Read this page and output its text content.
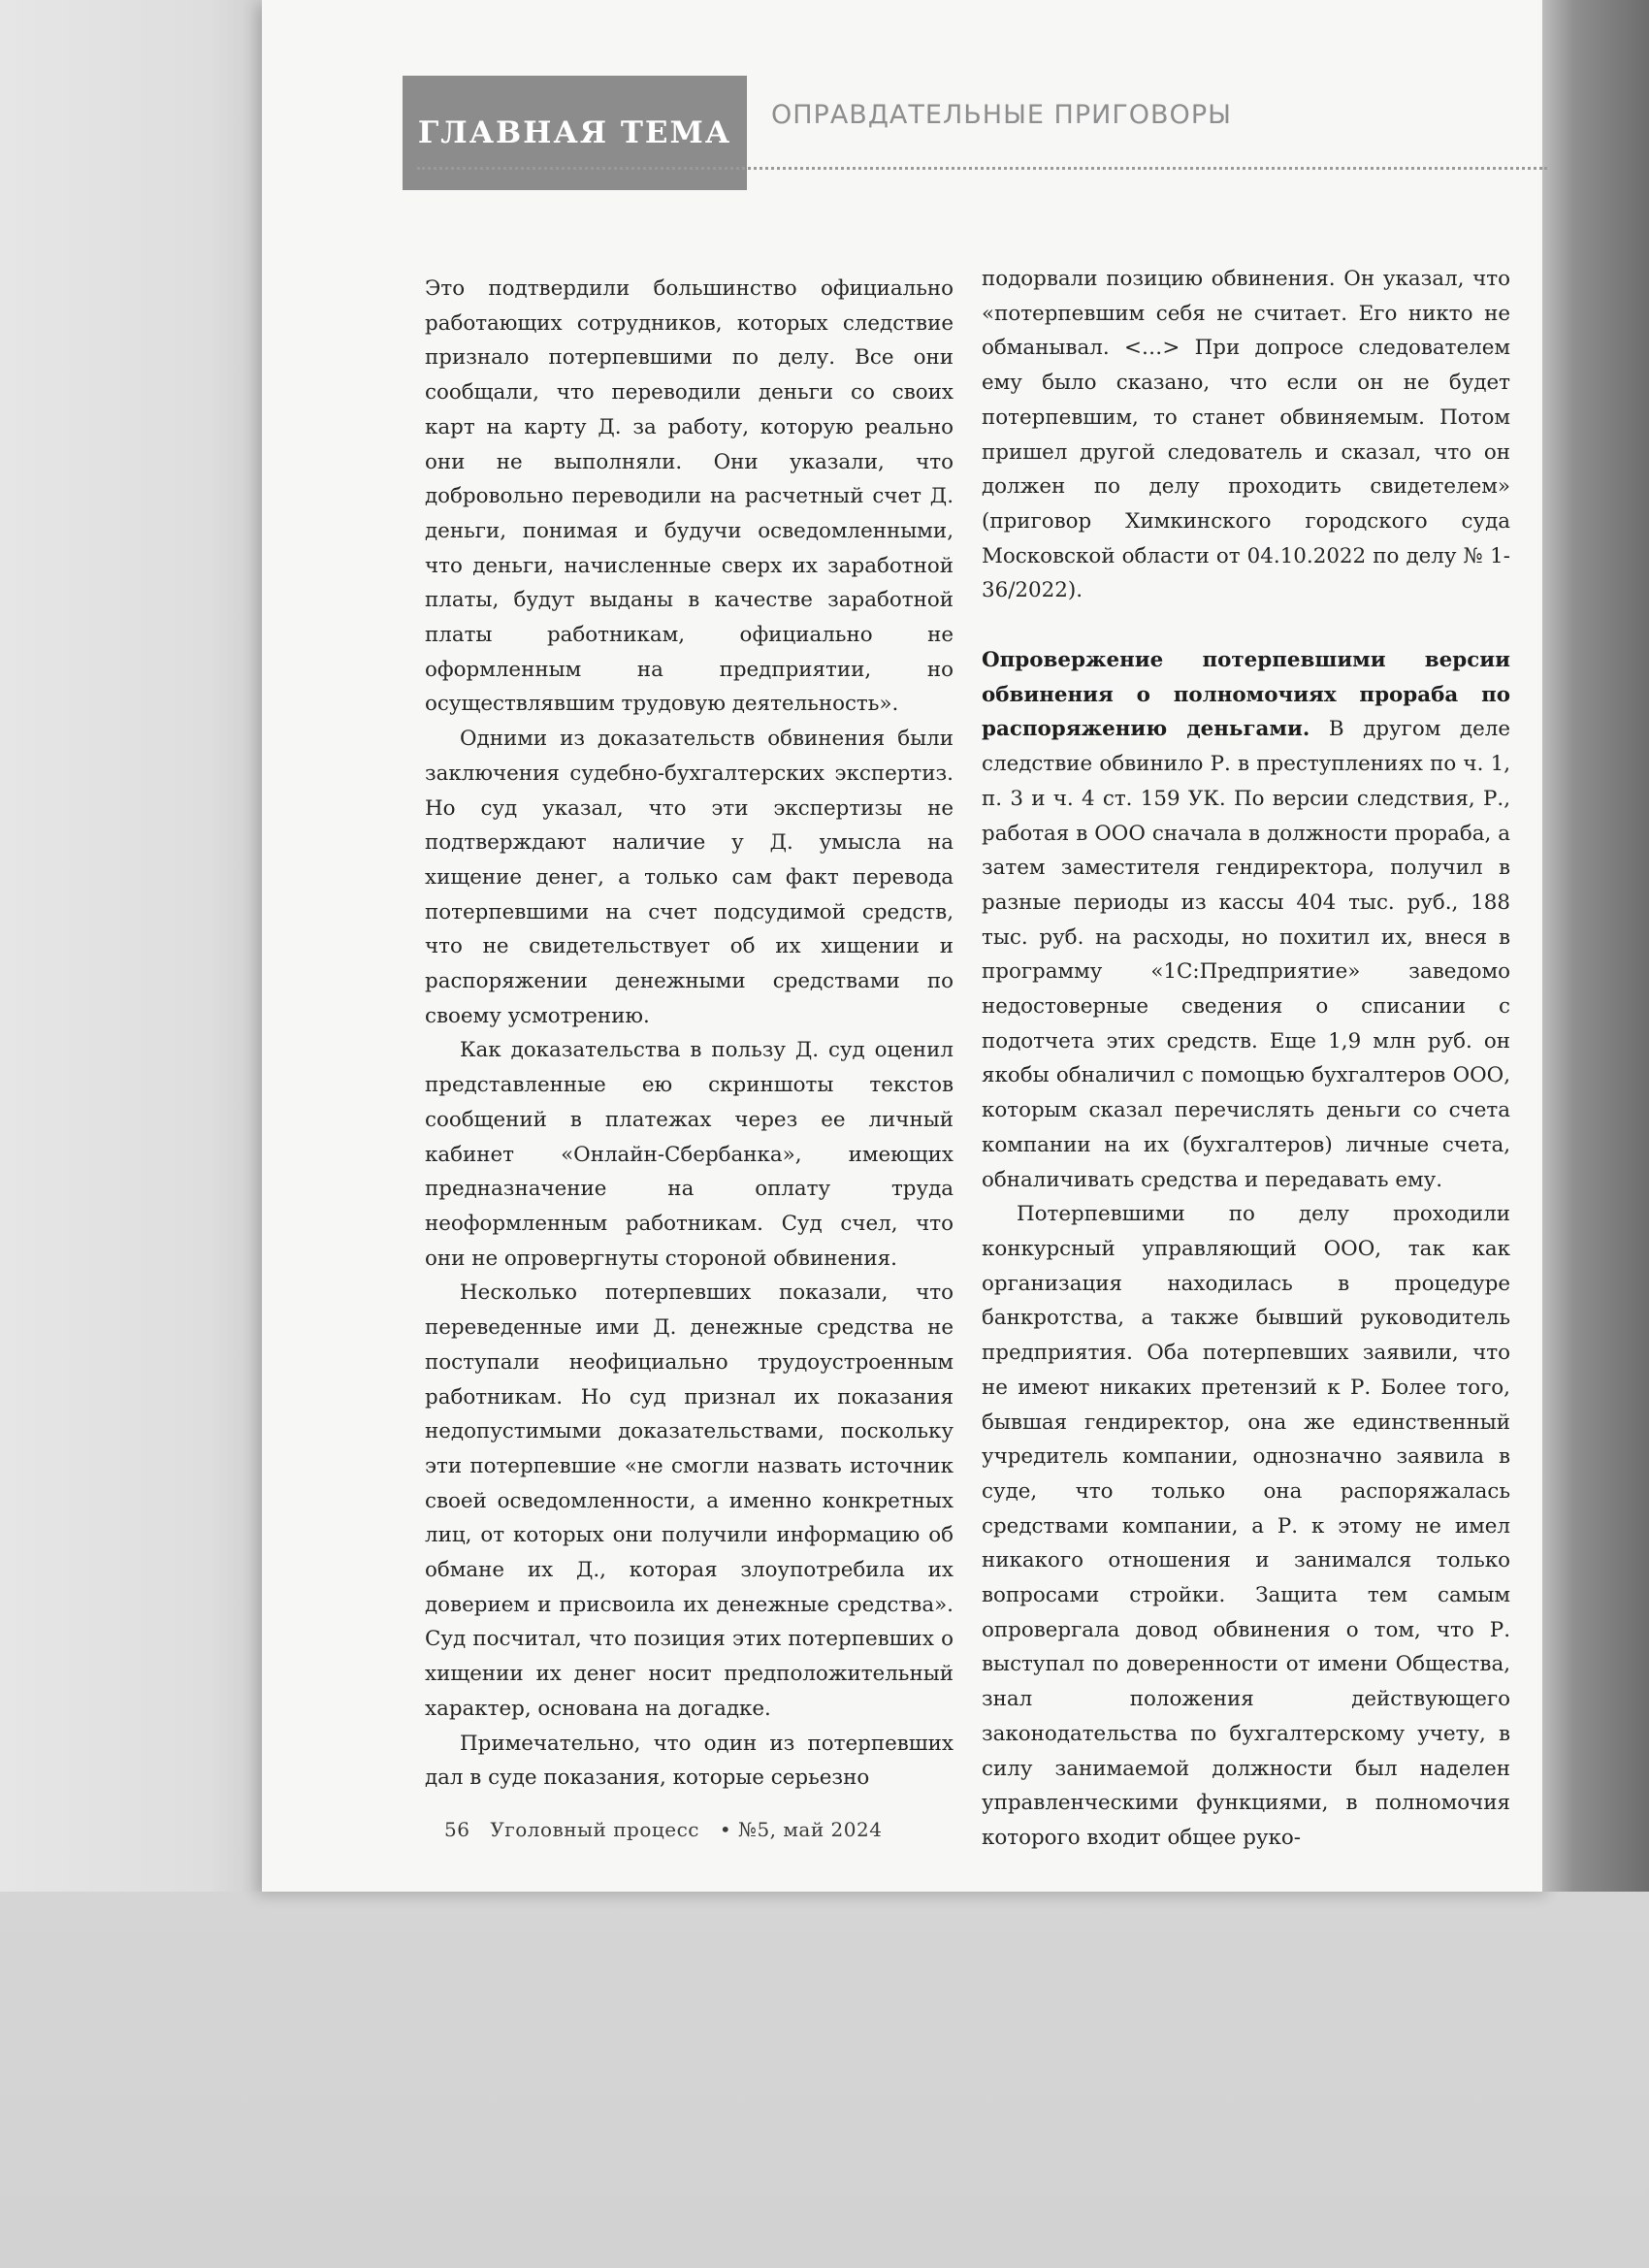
ГЛАВНАЯ ТЕМА
ОПРАВДАТЕЛЬНЫЕ ПРИГОВОРЫ

Это подтвердили большинство официально работающих сотрудников, которых следствие признало потерпевшими по делу. Все они сообщали, что переводили деньги со своих карт на карту Д. за работу, которую реально они не выполняли. Они указали, что добровольно переводили на расчетный счет Д. деньги, понимая и будучи осведомленными, что деньги, начисленные сверх их заработной платы, будут выданы в качестве заработной платы работникам, официально не оформленным на предприятии, но осуществлявшим трудовую деятельность».

Одними из доказательств обвинения были заключения судебно-бухгалтерских экспертиз. Но суд указал, что эти экспертизы не подтверждают наличие у Д. умысла на хищение денег, а только сам факт перевода потерпевшими на счет подсудимой средств, что не свидетельствует об их хищении и распоряжении денежными средствами по своему усмотрению.

Как доказательства в пользу Д. суд оценил представленные ею скриншоты текстов сообщений в платежах через ее личный кабинет «Онлайн-Сбербанка», имеющих предназначение на оплату труда неоформленным работникам. Суд счел, что они не опровергнуты стороной обвинения.

Несколько потерпевших показали, что переведенные ими Д. денежные средства не поступали неофициально трудоустроенным работникам. Но суд признал их показания недопустимыми доказательствами, поскольку эти потерпевшие «не смогли назвать источник своей осведомленности, а именно конкретных лиц, от которых они получили информацию об обмане их Д., которая злоупотребила их доверием и присвоила их денежные средства». Суд посчитал, что позиция этих потерпевших о хищении их денег носит предположительный характер, основана на догадке.

Примечательно, что один из потерпевших дал в суде показания, которые серьезно

подорвали позицию обвинения. Он указал, что «потерпевшим себя не считает. Его никто не обманывал. <…> При допросе следователем ему было сказано, что если он не будет потерпевшим, то станет обвиняемым. Потом пришел другой следователь и сказал, что он должен по делу проходить свидетелем» (приговор Химкинского городского суда Московской области от 04.10.2022 по делу № 1-36/2022).

Опровержение потерпевшими версии обвинения о полномочиях прораба по распоряжению деньгами. В другом деле следствие обвинило Р. в преступлениях по ч. 1, п. 3 и ч. 4 ст. 159 УК. По версии следствия, Р., работая в ООО сначала в должности прораба, а затем заместителя гендиректора, получил в разные периоды из кассы 404 тыс. руб., 188 тыс. руб. на расходы, но похитил их, внеся в программу «1С:Предприятие» заведомо недостоверные сведения о списании с подотчета этих средств. Еще 1,9 млн руб. он якобы обналичил с помощью бухгалтеров ООО, которым сказал перечислять деньги со счета компании на их (бухгалтеров) личные счета, обналичивать средства и передавать ему.

Потерпевшими по делу проходили конкурсный управляющий ООО, так как организация находилась в процедуре банкротства, а также бывший руководитель предприятия. Оба потерпевших заявили, что не имеют никаких претензий к Р. Более того, бывшая гендиректор, она же единственный учредитель компании, однозначно заявила в суде, что только она распоряжалась средствами компании, а Р. к этому не имел никакого отношения и занимался только вопросами стройки. Защита тем самым опровергала довод обвинения о том, что Р. выступал по доверенности от имени Общества, знал положения действующего законодательства по бухгалтерскому учету, в силу занимаемой должности был наделен управленческими функциями, в полномочия которого входит общее руко-

56 Уголовный процесс • №5, май 2024
